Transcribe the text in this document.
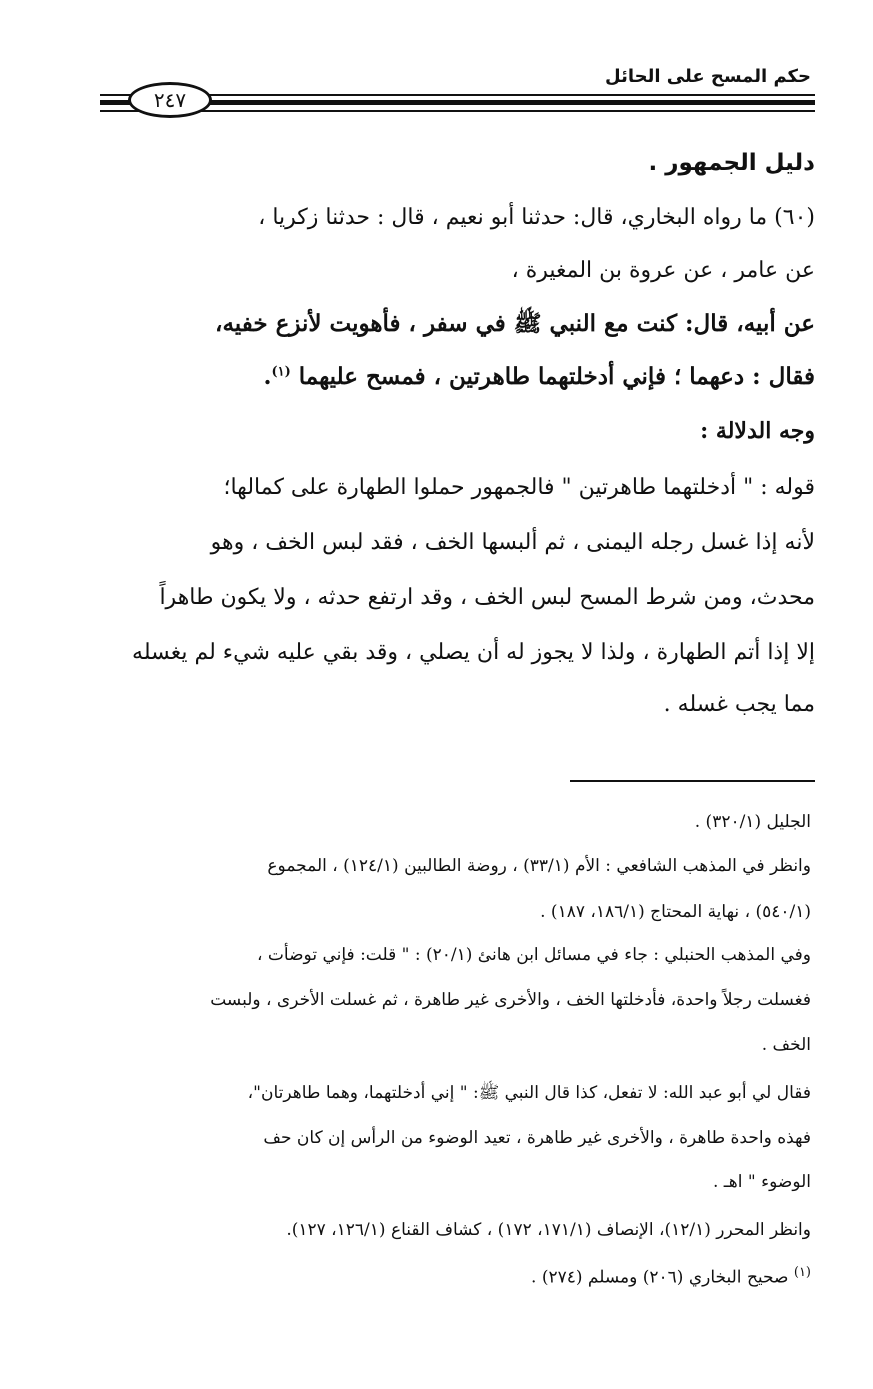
حكم المسح على الحائل
٢٤٧
دليل الجمهور .
(٦٠) ما رواه البخاري، قال: حدثنا أبو نعيم ، قال : حدثنا زكريا ،
عن عامر ، عن عروة بن المغيرة ،
عن أبيه، قال: كنت مع النبي ﷺ في سفر ، فأهويت لأنزع خفيه،
فقال : دعهما ؛ فإني أدخلتهما طاهرتين ، فمسح عليهما $^{(١)}$.
وجه الدلالة :
قوله : " أدخلتهما طاهرتين " فالجمهور حملوا الطهارة على كمالها؛
لأنه إذا غسل رجله اليمنى ، ثم ألبسها الخف ، فقد لبس الخف ، وهو
محدث، ومن شرط المسح لبس الخف ، وقد ارتفع حدثه ، ولا يكون طاهراً
إلا إذا أتم الطهارة ، ولذا لا يجوز له أن يصلي ، وقد بقي عليه شيء لم يغسله
مما يجب غسله .
الجليل (٣٢٠/١) .
وانظر في المذهب الشافعي : الأم (٣٣/١) ، روضة الطالبين (١٢٤/١) ، المجموع
(٥٤٠/١) ، نهاية المحتاج (١٨٦/١، ١٨٧) .
وفي المذهب الحنبلي : جاء في مسائل ابن هانئ (٢٠/١) : " قلت: فإني توضأت ،
فغسلت رجلاً واحدة، فأدخلتها الخف ، والأخرى غير طاهرة ، ثم غسلت الأخرى ، ولبست
الخف .
فقال لي أبو عبد الله: لا تفعل، كذا قال النبي ﷺ: " إني أدخلتهما، وهما طاهرتان"،
فهذه واحدة طاهرة ، والأخرى غير طاهرة ، تعيد الوضوء من الرأس إن كان حف
الوضوء " اهـ .
وانظر المحرر (١٢/١)، الإنصاف (١٧١/١، ١٧٢) ، كشاف القناع (١٢٦/١، ١٢٧).
$^{(١)}$ صحيح البخاري (٢٠٦) ومسلم (٢٧٤) .
